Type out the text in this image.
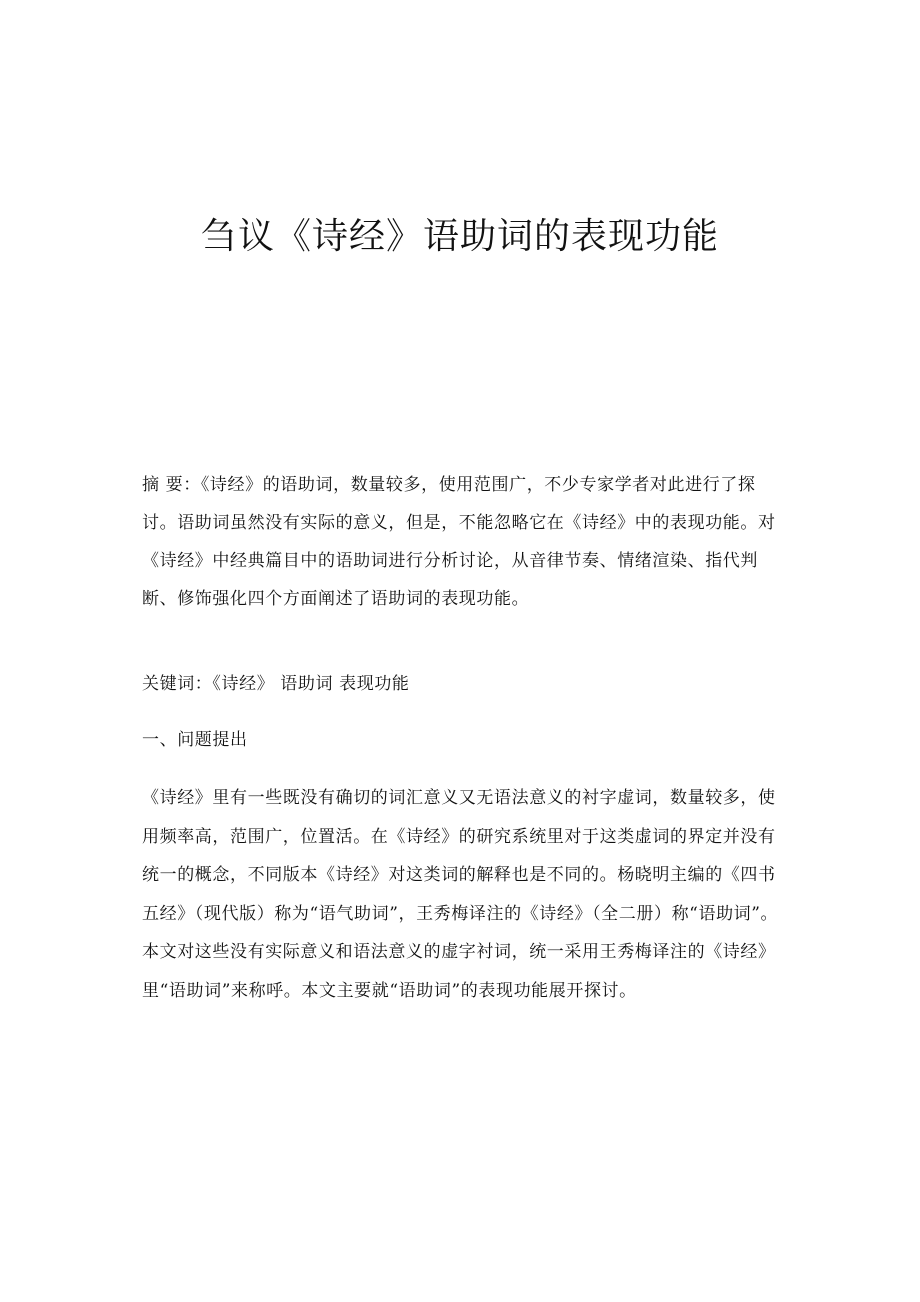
刍议《诗经》语助词的表现功能

摘 要：《诗经》的语助词，数量较多，使用范围广，不少专家学者对此进行了探讨。语助词虽然没有实际的意义，但是，不能忽略它在《诗经》中的表现功能。对《诗经》中经典篇目中的语助词进行分析讨论，从音律节奏、情绪渲染、指代判断、修饰强化四个方面阐述了语助词的表现功能。

关键词：《诗经》 语助词 表现功能

一、问题提出

《诗经》里有一些既没有确切的词汇意义又无语法意义的衬字虚词，数量较多，使用频率高，范围广，位置活。在《诗经》的研究系统里对于这类虚词的界定并没有统一的概念，不同版本《诗经》对这类词的解释也是不同的。杨晓明主编的《四书五经》（现代版）称为“语气助词”，王秀梅译注的《诗经》（全二册）称“语助词”。本文对这些没有实际意义和语法意义的虚字衬词，统一采用王秀梅译注的《诗经》里“语助词”来称呼。本文主要就“语助词”的表现功能展开探讨。
